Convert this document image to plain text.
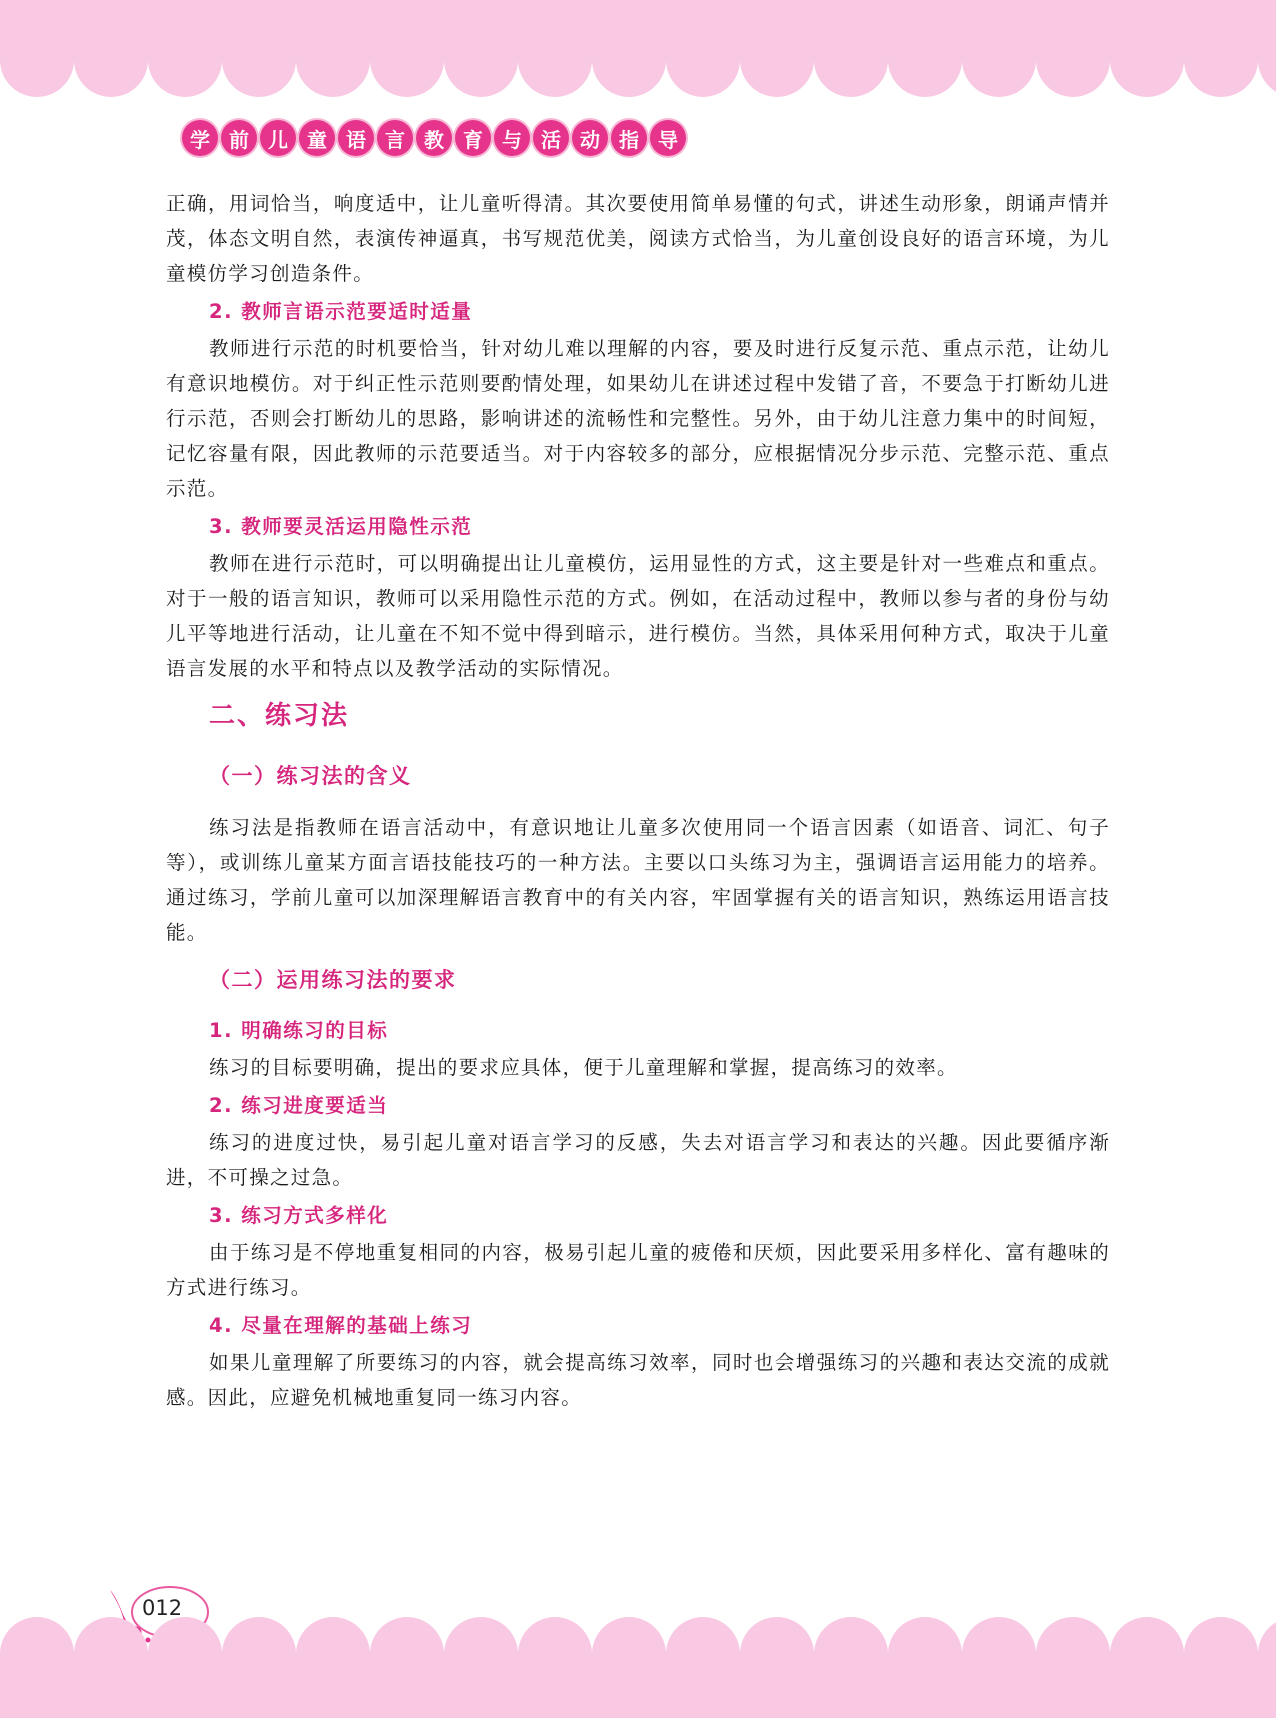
学 前 儿 童 语 言 教 育 与 活 动 指 导

正确，用词恰当，响度适中，让儿童听得清。其次要使用简单易懂的句式，讲述生动形象，朗诵声情并茂，体态文明自然，表演传神逼真，书写规范优美，阅读方式恰当，为儿童创设良好的语言环境，为儿童模仿学习创造条件。

2. 教师言语示范要适时适量

教师进行示范的时机要恰当，针对幼儿难以理解的内容，要及时进行反复示范、重点示范，让幼儿有意识地模仿。对于纠正性示范则要酌情处理，如果幼儿在讲述过程中发错了音，不要急于打断幼儿进行示范，否则会打断幼儿的思路，影响讲述的流畅性和完整性。另外，由于幼儿注意力集中的时间短，记忆容量有限，因此教师的示范要适当。对于内容较多的部分，应根据情况分步示范、完整示范、重点示范。

3. 教师要灵活运用隐性示范

教师在进行示范时，可以明确提出让儿童模仿，运用显性的方式，这主要是针对一些难点和重点。对于一般的语言知识，教师可以采用隐性示范的方式。例如，在活动过程中，教师以参与者的身份与幼儿平等地进行活动，让儿童在不知不觉中得到暗示，进行模仿。当然，具体采用何种方式，取决于儿童语言发展的水平和特点以及教学活动的实际情况。

二、练习法
（一）练习法的含义

练习法是指教师在语言活动中，有意识地让儿童多次使用同一个语言因素（如语音、词汇、句子等），或训练儿童某方面言语技能技巧的一种方法。主要以口头练习为主，强调语言运用能力的培养。通过练习，学前儿童可以加深理解语言教育中的有关内容，牢固掌握有关的语言知识，熟练运用语言技能。

（二）运用练习法的要求
1. 明确练习的目标

练习的目标要明确，提出的要求应具体，便于儿童理解和掌握，提高练习的效率。

2. 练习进度要适当

练习的进度过快，易引起儿童对语言学习的反感，失去对语言学习和表达的兴趣。因此要循序渐进，不可操之过急。

3. 练习方式多样化

由于练习是不停地重复相同的内容，极易引起儿童的疲倦和厌烦，因此要采用多样化、富有趣味的方式进行练习。

4. 尽量在理解的基础上练习

如果儿童理解了所要练习的内容，就会提高练习效率，同时也会增强练习的兴趣和表达交流的成就感。因此，应避免机械地重复同一练习内容。

012
